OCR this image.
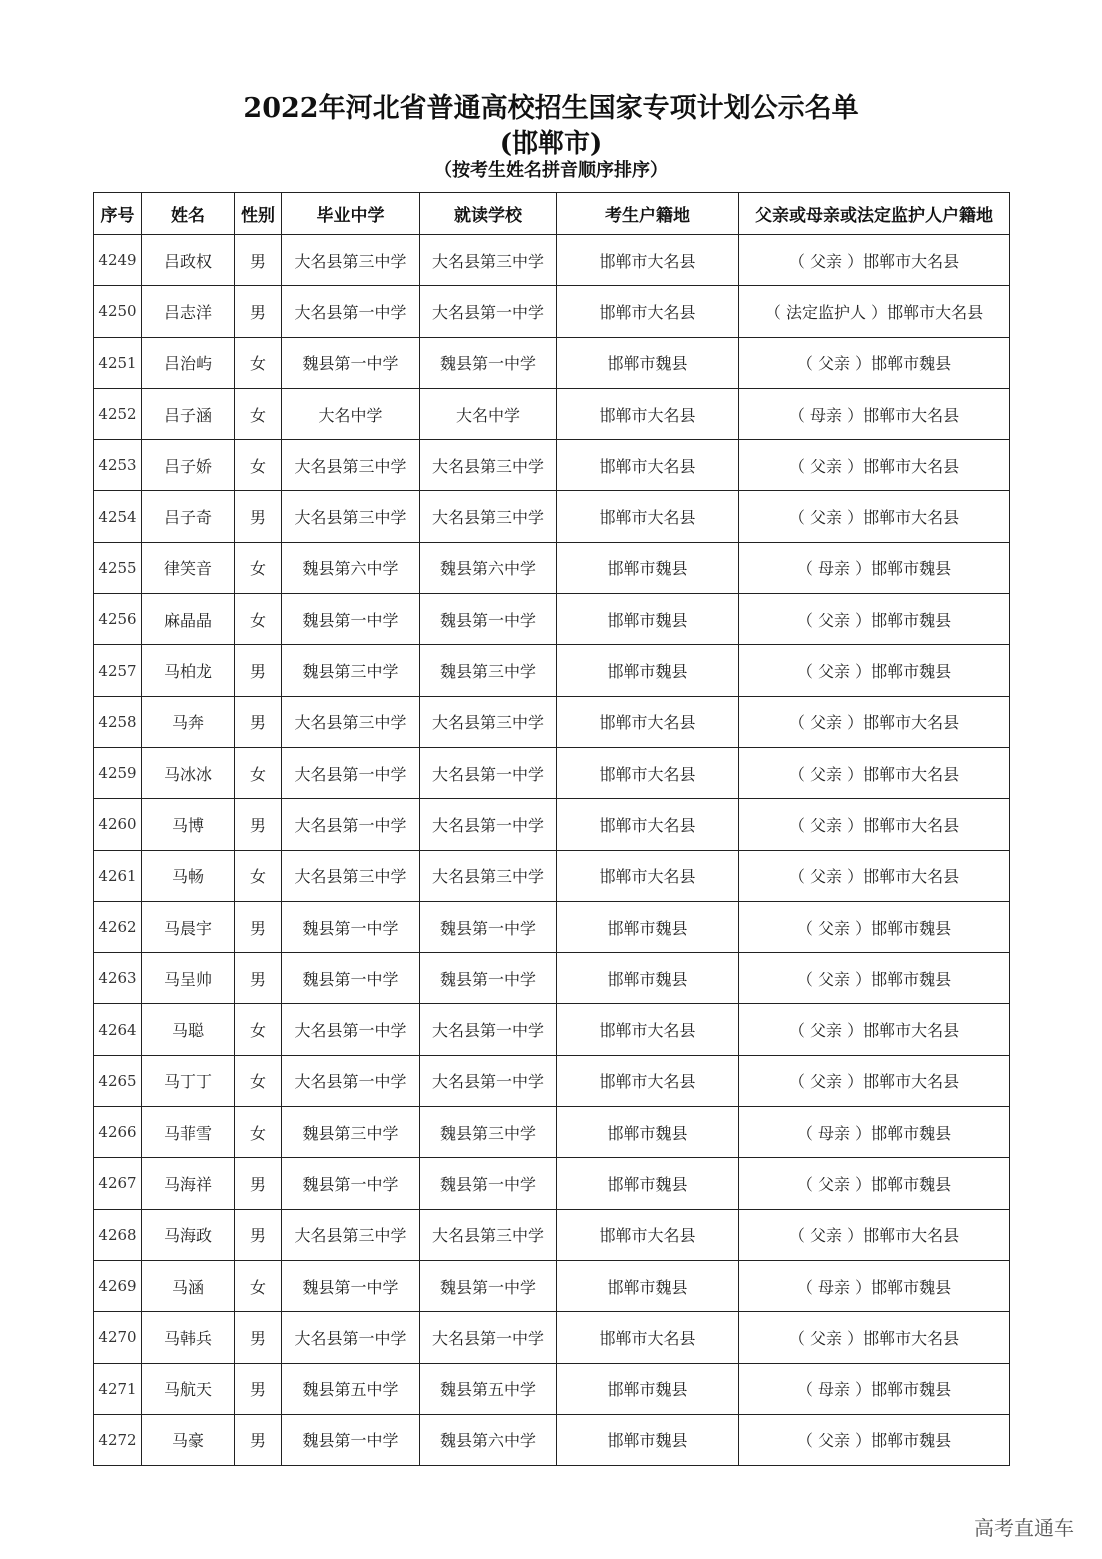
2022年河北省普通高校招生国家专项计划公示名单
(邯郸市)
（按考生姓名拼音顺序排序）
序号	姓名	性别	毕业中学	就读学校	考生户籍地	父亲或母亲或法定监护人户籍地
4249	吕政权	男	大名县第三中学	大名县第三中学	邯郸市大名县	（ 父亲 ）邯郸市大名县
4250	吕志洋	男	大名县第一中学	大名县第一中学	邯郸市大名县	（ 法定监护人 ）邯郸市大名县
4251	吕治屿	女	魏县第一中学	魏县第一中学	邯郸市魏县	（ 父亲 ）邯郸市魏县
4252	吕子涵	女	大名中学	大名中学	邯郸市大名县	（ 母亲 ）邯郸市大名县
4253	吕子娇	女	大名县第三中学	大名县第三中学	邯郸市大名县	（ 父亲 ）邯郸市大名县
4254	吕子奇	男	大名县第三中学	大名县第三中学	邯郸市大名县	（ 父亲 ）邯郸市大名县
4255	律笑音	女	魏县第六中学	魏县第六中学	邯郸市魏县	（ 母亲 ）邯郸市魏县
4256	麻晶晶	女	魏县第一中学	魏县第一中学	邯郸市魏县	（ 父亲 ）邯郸市魏县
4257	马柏龙	男	魏县第三中学	魏县第三中学	邯郸市魏县	（ 父亲 ）邯郸市魏县
4258	马奔	男	大名县第三中学	大名县第三中学	邯郸市大名县	（ 父亲 ）邯郸市大名县
4259	马冰冰	女	大名县第一中学	大名县第一中学	邯郸市大名县	（ 父亲 ）邯郸市大名县
4260	马博	男	大名县第一中学	大名县第一中学	邯郸市大名县	（ 父亲 ）邯郸市大名县
4261	马畅	女	大名县第三中学	大名县第三中学	邯郸市大名县	（ 父亲 ）邯郸市大名县
4262	马晨宇	男	魏县第一中学	魏县第一中学	邯郸市魏县	（ 父亲 ）邯郸市魏县
4263	马呈帅	男	魏县第一中学	魏县第一中学	邯郸市魏县	（ 父亲 ）邯郸市魏县
4264	马聪	女	大名县第一中学	大名县第一中学	邯郸市大名县	（ 父亲 ）邯郸市大名县
4265	马丁丁	女	大名县第一中学	大名县第一中学	邯郸市大名县	（ 父亲 ）邯郸市大名县
4266	马菲雪	女	魏县第三中学	魏县第三中学	邯郸市魏县	（ 母亲 ）邯郸市魏县
4267	马海祥	男	魏县第一中学	魏县第一中学	邯郸市魏县	（ 父亲 ）邯郸市魏县
4268	马海政	男	大名县第三中学	大名县第三中学	邯郸市大名县	（ 父亲 ）邯郸市大名县
4269	马涵	女	魏县第一中学	魏县第一中学	邯郸市魏县	（ 母亲 ）邯郸市魏县
4270	马韩兵	男	大名县第一中学	大名县第一中学	邯郸市大名县	（ 父亲 ）邯郸市大名县
4271	马航天	男	魏县第五中学	魏县第五中学	邯郸市魏县	（ 母亲 ）邯郸市魏县
4272	马豪	男	魏县第一中学	魏县第六中学	邯郸市魏县	（ 父亲 ）邯郸市魏县
高考直通车
